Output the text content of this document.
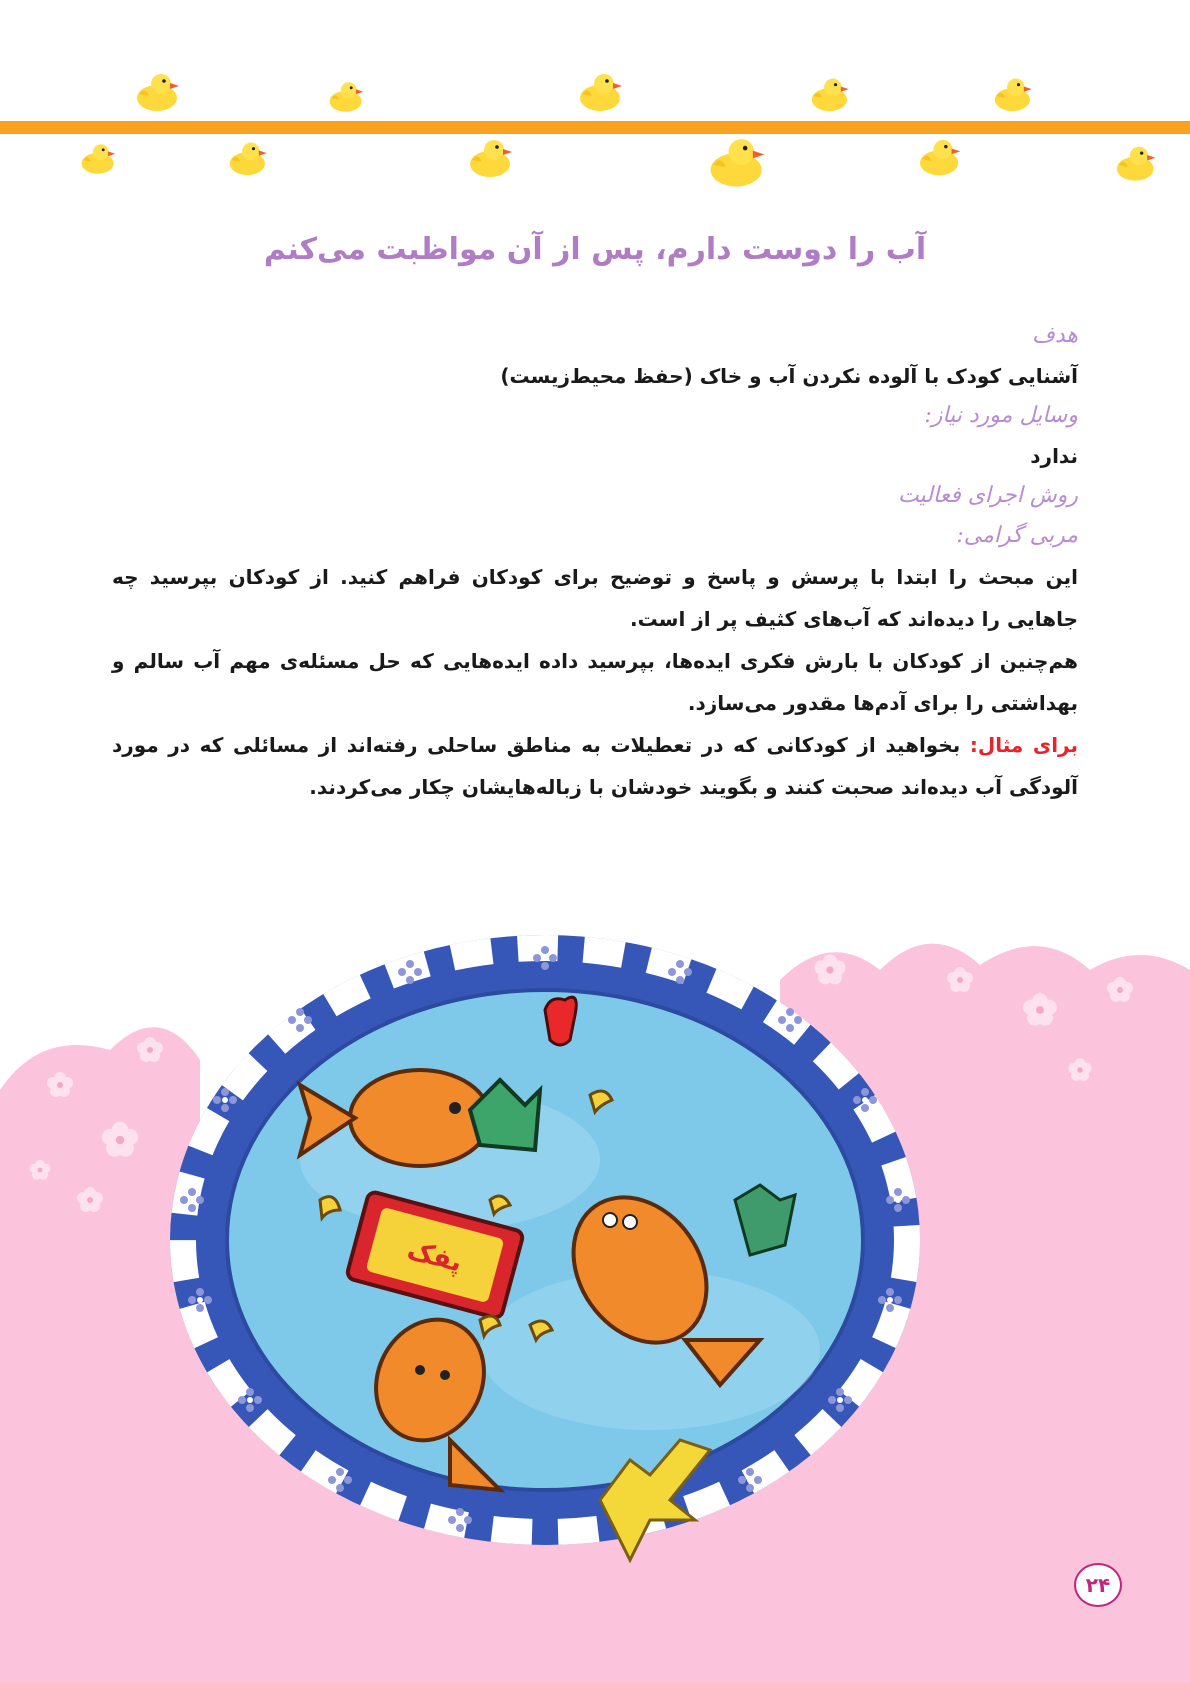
آب را دوست دارم، پس از آن مواظبت می‌کنم

هدف

آشنایی کودک با آلوده نکردن آب و خاک (حفظ محیط‌زیست)

وسایل مورد نیاز:

ندارد

روش اجرای فعالیت

مربی گرامی:

این مبحث را ابتدا با پرسش و پاسخ و توضیح برای کودکان فراهم کنید. از کودکان بپرسید چه جاهایی را دیده‌اند که آب‌های کثیف پر از است.

هم‌چنین از کودکان با بارش فکری ایده‌ها، بپرسید داده ایده‌هایی که حل مسئله‌ی مهم آب سالم و بهداشتی را برای آدم‌ها مقدور می‌سازد.

برای مثال: بخواهید از کودکانی که در تعطیلات به مناطق ساحلی رفته‌اند از مسائلی که در مورد آلودگی آب دیده‌اند صحبت کنند و بگویند خودشان با زباله‌هایشان چکار می‌کردند.

پفک
۲۴
